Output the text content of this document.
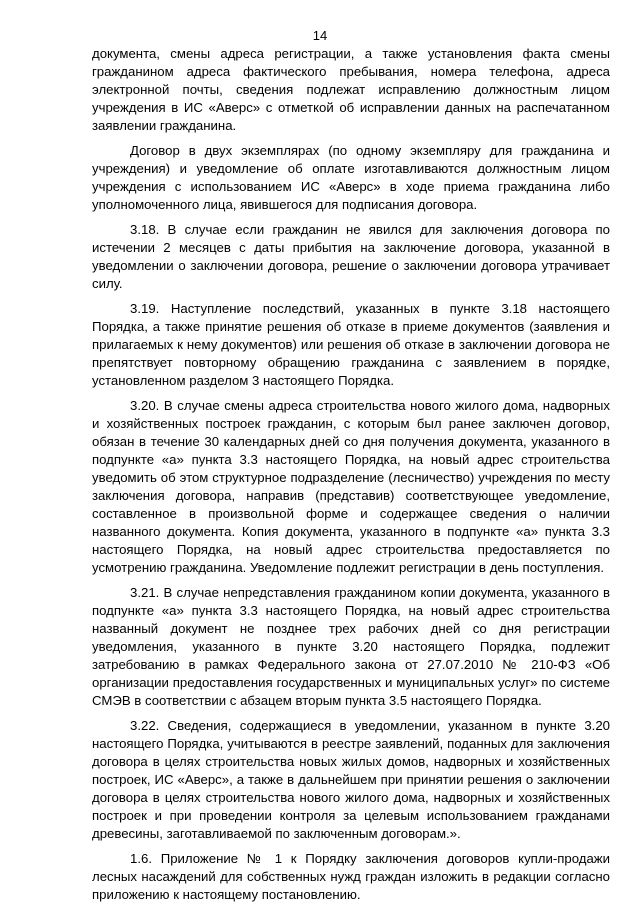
14

документа, смены адреса регистрации, а также установления факта смены гражданином адреса фактического пребывания, номера телефона, адреса электронной почты, сведения подлежат исправлению должностным лицом учреждения в ИС «Аверс» с отметкой об исправлении данных на распечатанном заявлении гражданина.

Договор в двух экземплярах (по одному экземпляру для гражданина и учреждения) и уведомление об оплате изготавливаются должностным лицом учреждения с использованием ИС «Аверс» в ходе приема гражданина либо уполномоченного лица, явившегося для подписания договора.

3.18. В случае если гражданин не явился для заключения договора по истечении 2 месяцев с даты прибытия на заключение договора, указанной в уведомлении о заключении договора, решение о заключении договора утрачивает силу.

3.19. Наступление последствий, указанных в пункте 3.18 настоящего Порядка, а также принятие решения об отказе в приеме документов (заявления и прилагаемых к нему документов) или решения об отказе в заключении договора не препятствует повторному обращению гражданина с заявлением в порядке, установленном разделом 3 настоящего Порядка.

3.20. В случае смены адреса строительства нового жилого дома, надворных и хозяйственных построек гражданин, с которым был ранее заключен договор, обязан в течение 30 календарных дней со дня получения документа, указанного в подпункте «а» пункта 3.3 настоящего Порядка, на новый адрес строительства уведомить об этом структурное подразделение (лесничество) учреждения по месту заключения договора, направив (представив) соответствующее уведомление, составленное в произвольной форме и содержащее сведения о наличии названного документа. Копия документа, указанного в подпункте «а» пункта 3.3 настоящего Порядка, на новый адрес строительства предоставляется по усмотрению гражданина. Уведомление подлежит регистрации в день поступления.

3.21. В случае непредставления гражданином копии документа, указанного в подпункте «а» пункта 3.3 настоящего Порядка, на новый адрес строительства названный документ не позднее трех рабочих дней со дня регистрации уведомления, указанного в пункте 3.20 настоящего Порядка, подлежит затребованию в рамках Федерального закона от 27.07.2010 № 210-ФЗ «Об организации предоставления государственных и муниципальных услуг» по системе СМЭВ в соответствии с абзацем вторым пункта 3.5 настоящего Порядка.

3.22. Сведения, содержащиеся в уведомлении, указанном в пункте 3.20 настоящего Порядка, учитываются в реестре заявлений, поданных для заключения договора в целях строительства новых жилых домов, надворных и хозяйственных построек, ИС «Аверс», а также в дальнейшем при принятии решения о заключении договора в целях строительства нового жилого дома, надворных и хозяйственных построек и при проведении контроля за целевым использованием гражданами древесины, заготавливаемой по заключенным договорам.».

1.6. Приложение № 1 к Порядку заключения договоров купли-продажи лесных насаждений для собственных нужд граждан изложить в редакции согласно приложению к настоящему постановлению.
